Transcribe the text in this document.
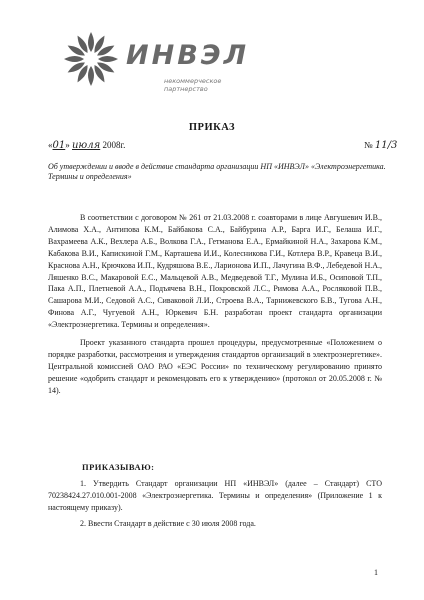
ИНВЭЛ
некоммерческое партнерство
ПРИКАЗ
«01» июля 2008г.	№ 11/3
Об утверждении и вводе в действие стандарта организации НП «ИНВЭЛ» «Электроэнергетика. Термины и определения»

В соответствии с договором № 261 от 21.03.2008 г. соавторами в лице Авгушевич И.В., Алимова Х.А., Антипова К.М., Байбакова С.А., Байбурина А.Р., Барга И.Г., Белаша И.Г., Вахрамеева А.К., Вехлера А.Б., Волкова Г.А., Гетманова Е.А., Ермайкиной Н.А., Захарова К.М., Кабакова В.И., Капискиной Г.М., Карташева И.И., Колесникова Г.И., Котлера В.Р., Кравеца В.И., Краснова А.Н., Крючкова И.П., Кудряшова В.Е., Ларионова И.П., Лачугина В.Ф., Лебедевой Н.А., Ляшенко В.С., Макаровой Е.С., Мальцевой А.В., Медведевой Т.Г., Мулина И.Б., Осиповой Т.П., Пака А.П., Плетневой А.А., Подъячева В.Н., Покровской Л.С., Римова А.А., Росляковой П.В., Сашарова М.И., Седовой А.С., Сиваковой Л.И., Строева В.А., Тарнижевского Б.В., Тугова А.Н., Финова А.Г., Чугуевой А.Н., Юркевич Б.Н. разработан проект стандарта организации «Электроэнергетика. Термины и определения».

Проект указанного стандарта прошел процедуры, предусмотренные «Положением о порядке разработки, рассмотрения и утверждения стандартов организаций в электроэнергетике». Центральной комиссией ОАО РАО «ЕЭС России» по техническому регулированию принято решение «одобрить стандарт и рекомендовать его к утверждению» (протокол от 20.05.2008 г. № 14).

ПРИКАЗЫВАЮ:

1. Утвердить Стандарт организации НП «ИНВЭЛ» (далее – Стандарт) СТО 70238424.27.010.001-2008 «Электроэнергетика. Термины и определения» (Приложение 1 к настоящему приказу).

2. Ввести Стандарт в действие с 30 июля 2008 года.

1
